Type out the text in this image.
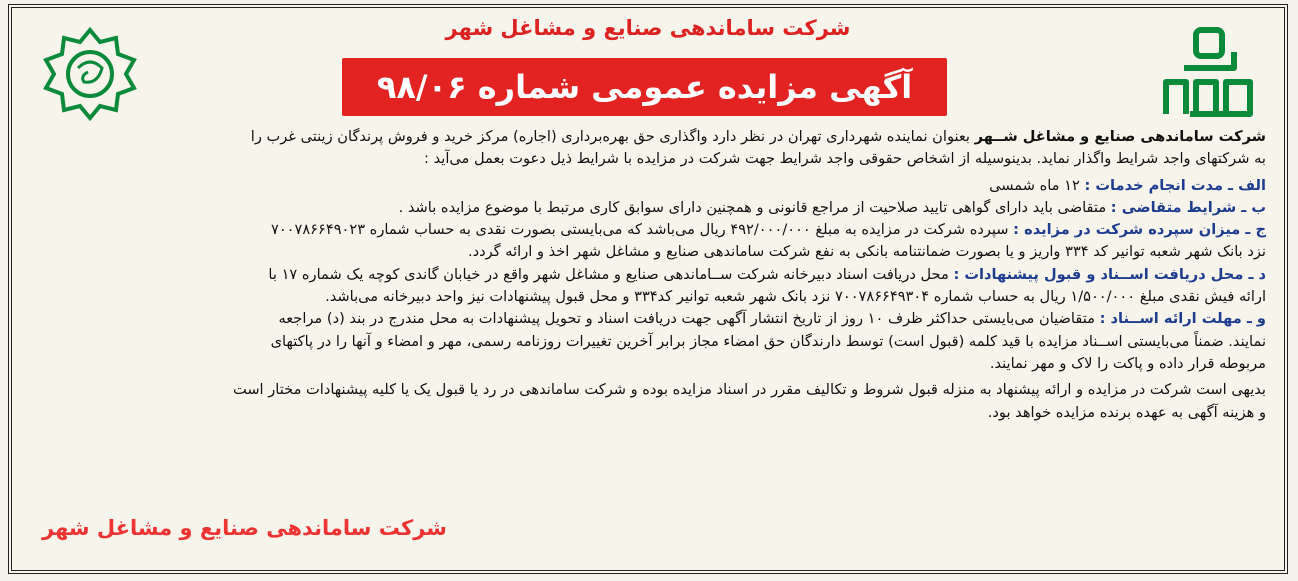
شرکت ساماندهی صنایع و مشاغل شهر
آگهی مزایده عمومی شماره ۹۸/۰۶

شرکت ساماندهی صنایع و مشاغل شــهر بعنوان نماینده شهرداری تهران در نظر دارد واگذاری حق بهره‌برداری (اجاره) مرکز خرید و فروش پرندگان زینتی غرب را

به شرکتهای واجد شرایط واگذار نماید. بدینوسیله از اشخاص حقوقی واجد شرایط جهت شرکت در مزایده با شرایط ذیل دعوت بعمل می‌آید :

الف ـ مدت انجام خدمات : ۱۲ ماه شمسی

ب ـ شرایط متقاضی : متقاضی باید دارای گواهی تایید صلاحیت از مراجع قانونی و همچنین دارای سوابق کاری مرتبط با موضوع مزایده باشد .

ج ـ میزان سپرده شرکت در مزایده : سپرده شرکت در مزایده به مبلغ ۴۹۲/۰۰۰/۰۰۰ ریال می‌باشد که می‌بایستی بصورت نقدی به حساب شماره ۷۰۰۷۸۶۶۴۹۰۲۳

نزد بانک شهر شعبه توانیر کد ۳۳۴ واریز و یا بصورت ضمانتنامه بانکی به نفع شرکت ساماندهی صنایع و مشاغل شهر اخذ و ارائه گردد.

د ـ محل دریافت اســناد و قبول پیشنهادات : محل دریافت اسناد دبیرخانه شرکت ســاماندهی صنایع و مشاغل شهر واقع در خیابان گاندی کوچه یک شماره ۱۷ با

ارائه فیش نقدی مبلغ ۱/۵۰۰/۰۰۰ ریال به حساب شماره ۷۰۰۷۸۶۶۴۹۳۰۴ نزد بانک شهر شعبه توانیر کد۳۳۴ و محل قبول پیشنهادات نیز واحد دبیرخانه می‌باشد.

و ـ مهلت ارائه اســناد : متقاضیان می‌بایستی حداکثر ظرف ۱۰ روز از تاریخ انتشار آگهی جهت دریافت اسناد و تحویل پیشنهادات به محل مندرج در بند (د) مراجعه

نمایند. ضمناً می‌بایستی اســناد مزایده با قید کلمه (قبول است) توسط دارندگان حق امضاء مجاز برابر آخرین تغییرات روزنامه رسمی، مهر و امضاء و آنها را در پاکتهای

مربوطه قرار داده و پاکت را لاک و مهر نمایند.

بدیهی است شرکت در مزایده و ارائه پیشنهاد به منزله قبول شروط و تکالیف مقرر در اسناد مزایده بوده و شرکت ساماندهی در رد یا قبول یک یا کلیه پیشنهادات مختار است

و هزینه آگهی به عهده برنده مزایده خواهد بود.

شرکت ساماندهی صنایع و مشاغل شهر
